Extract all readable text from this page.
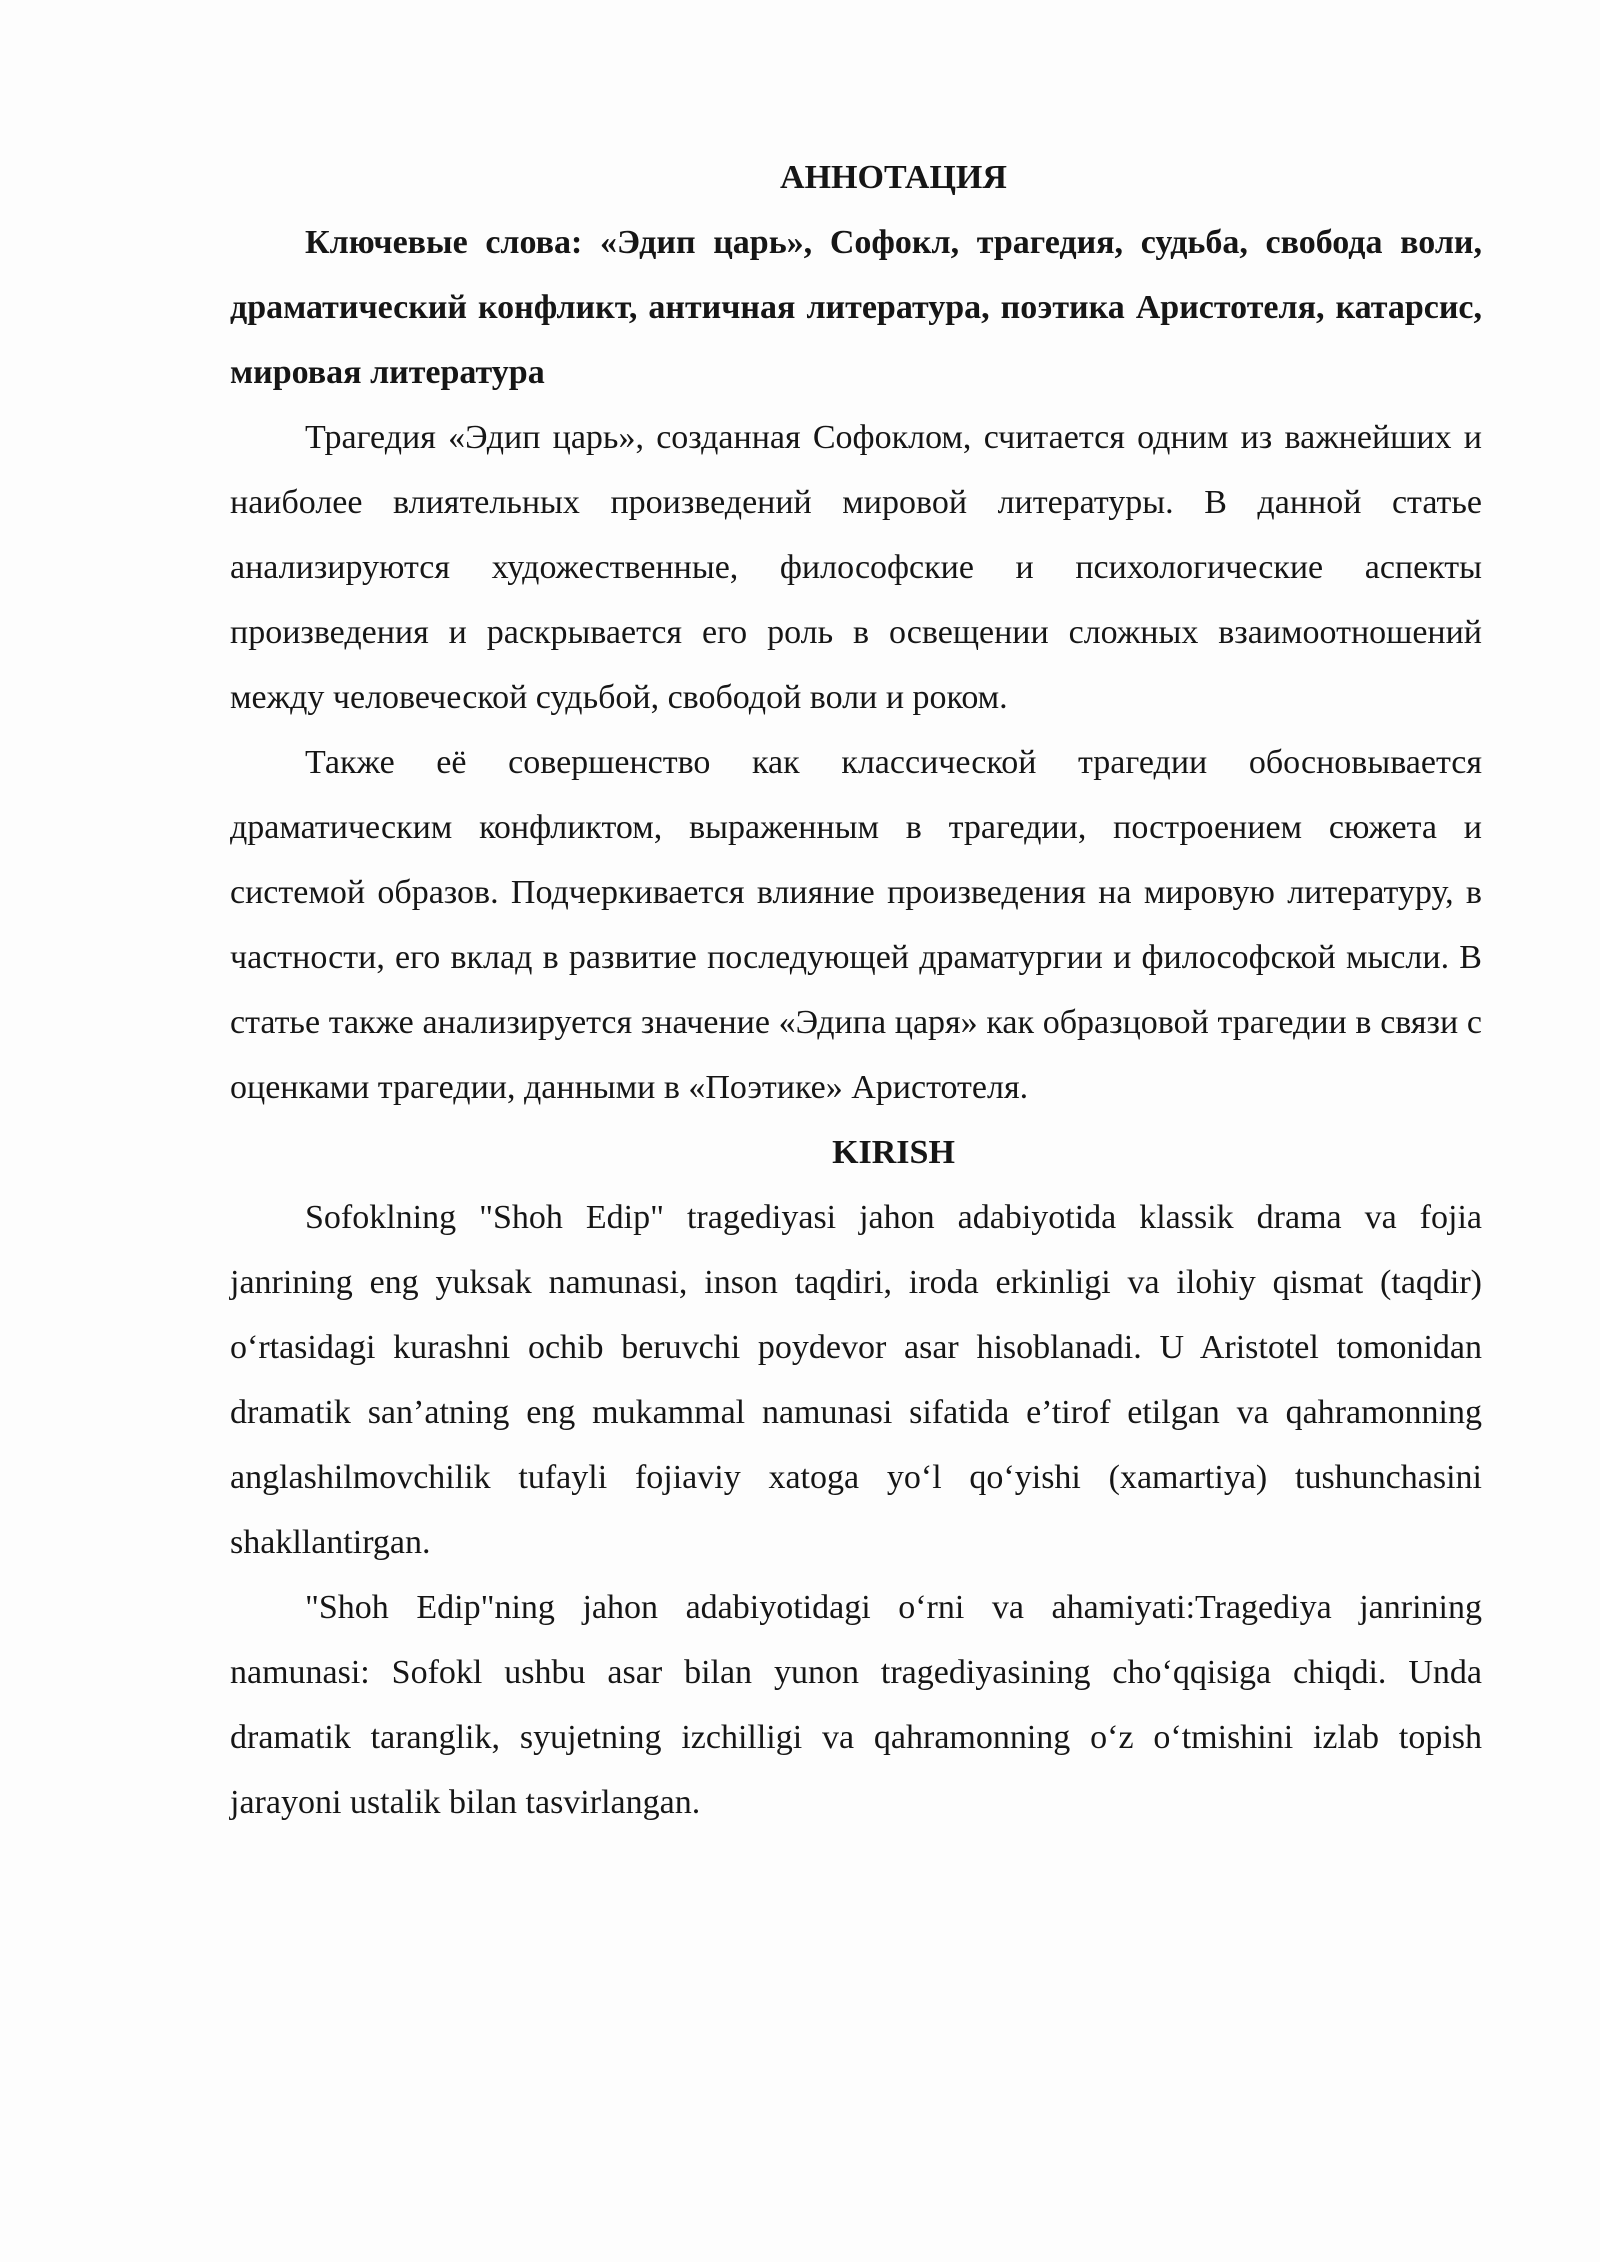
АННОТАЦИЯ

Ключевые слова: «Эдип царь», Софокл, трагедия, судьба, свобода воли, драматический конфликт, античная литература, поэтика Аристотеля, катарсис, мировая литература

Трагедия «Эдип царь», созданная Софоклом, считается одним из важнейших и наиболее влиятельных произведений мировой литературы. В данной статье анализируются художественные, философские и психологические аспекты произведения и раскрывается его роль в освещении сложных взаимоотношений между человеческой судьбой, свободой воли и роком.

Также её совершенство как классической трагедии обосновывается драматическим конфликтом, выраженным в трагедии, построением сюжета и системой образов. Подчеркивается влияние произведения на мировую литературу, в частности, его вклад в развитие последующей драматургии и философской мысли. В статье также анализируется значение «Эдипа царя» как образцовой трагедии в связи с оценками трагедии, данными в «Поэтике» Аристотеля.

KIRISH

Sofoklning "Shoh Edip" tragediyasi jahon adabiyotida klassik drama va fojia janrining eng yuksak namunasi, inson taqdiri, iroda erkinligi va ilohiy qismat (taqdir) o‘rtasidagi kurashni ochib beruvchi poydevor asar hisoblanadi. U Aristotel tomonidan dramatik san’atning eng mukammal namunasi sifatida e’tirof etilgan va qahramonning anglashilmovchilik tufayli fojiaviy xatoga yo‘l qo‘yishi (xamartiya) tushunchasini shakllantirgan.

"Shoh Edip"ning jahon adabiyotidagi o‘rni va ahamiyati:Tragediya janrining namunasi: Sofokl ushbu asar bilan yunon tragediyasining cho‘qqisiga chiqdi. Unda dramatik taranglik, syujetning izchilligi va qahramonning o‘z o‘tmishini izlab topish jarayoni ustalik bilan tasvirlangan.
